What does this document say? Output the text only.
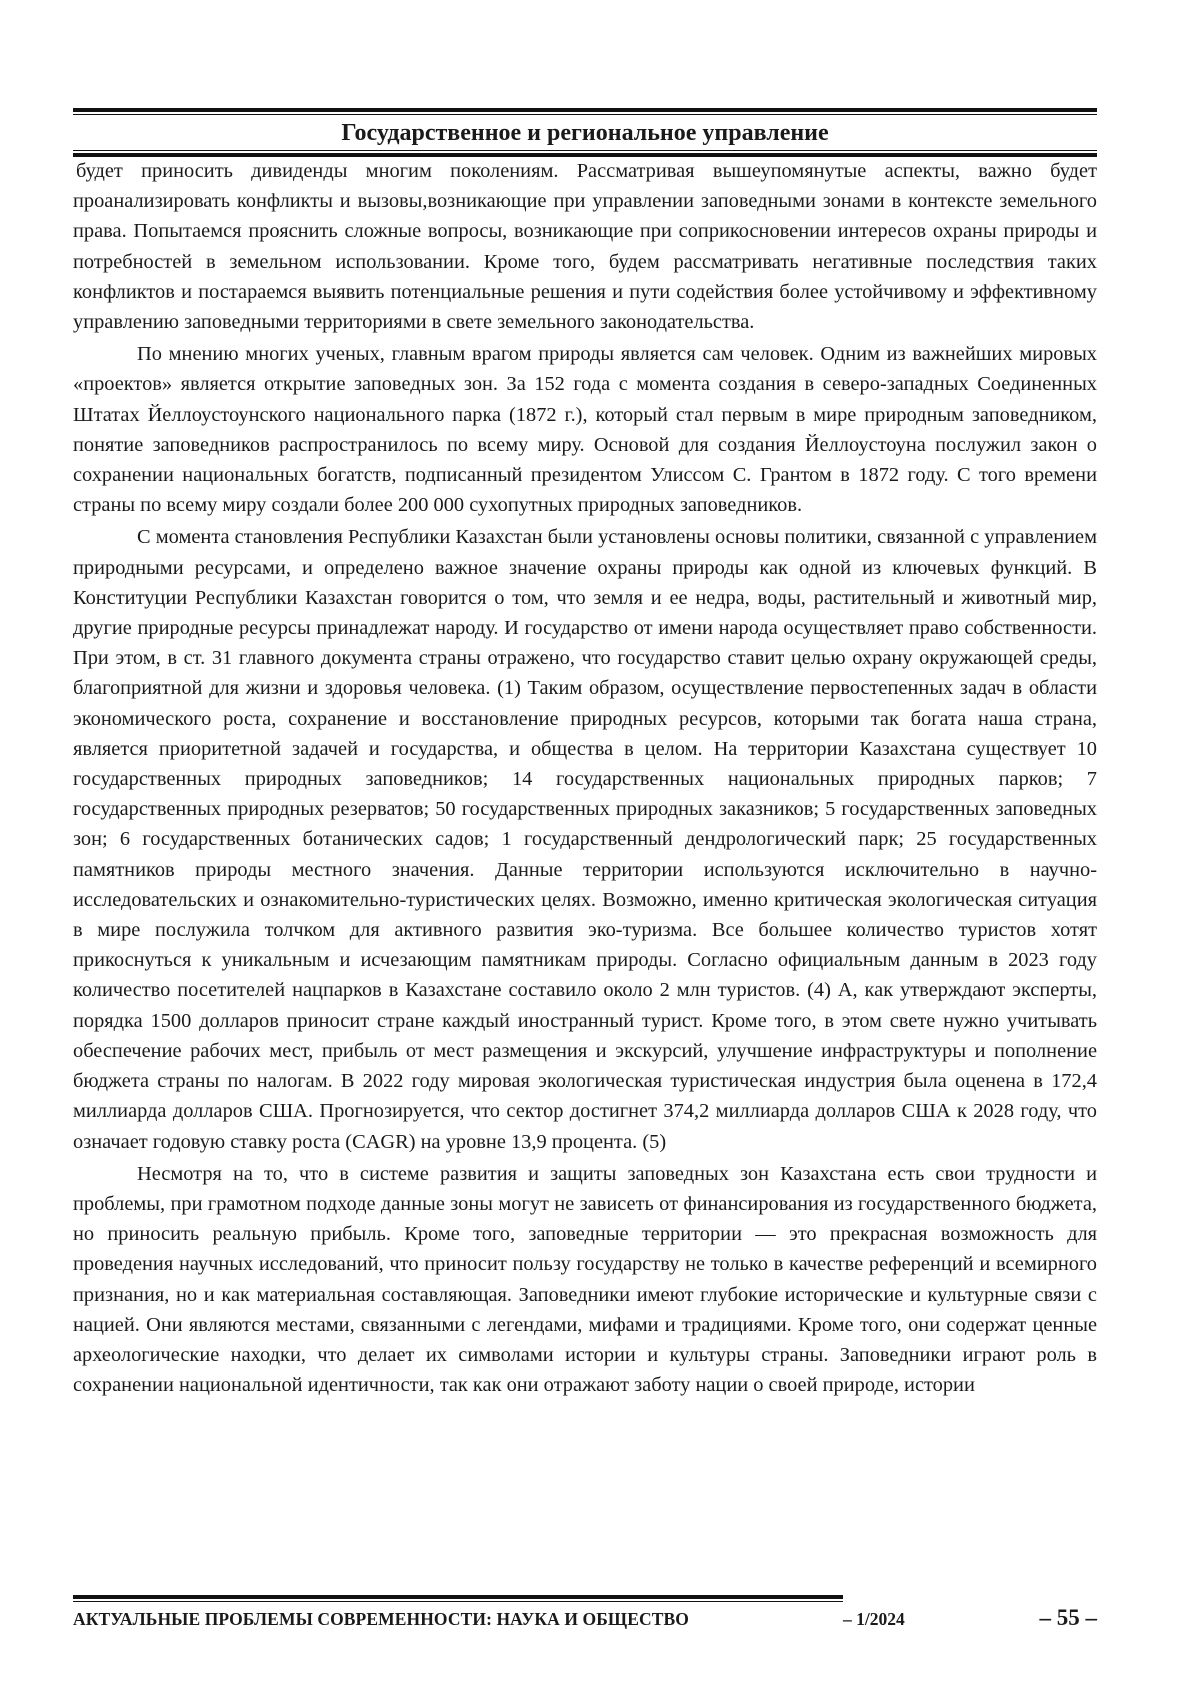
Государственное и региональное управление

будет приносить дивиденды многим поколениям. Рассматривая вышеупомянутые аспекты, важно будет проанализировать конфликты и вызовы,возникающие при управлении заповедными зонами в контексте земельного права. Попытаемся прояснить сложные вопросы, возникающие при соприкосновении интересов охраны природы и потребностей в земельном использовании. Кроме того, будем рассматривать негативные последствия таких конфликтов и постараемся выявить потенциальные решения и пути содействия более устойчивому и эффективному управлению заповедными территориями в свете земельного законодательства.

По мнению многих ученых, главным врагом природы является сам человек. Одним из важнейших мировых «проектов» является открытие заповедных зон. За 152 года с момента создания в северо-западных Соединенных Штатах Йеллоустоунского национального парка (1872 г.), который стал первым в мире природным заповедником, понятие заповедников распространилось по всему миру. Основой для создания Йеллоустоуна послужил закон о сохранении национальных богатств, подписанный президентом Улиссом С. Грантом в 1872 году. С того времени страны по всему миру создали более 200 000 сухопутных природных заповедников.

С момента становления Республики Казахстан были установлены основы политики, связанной с управлением природными ресурсами, и определено важное значение охраны природы как одной из ключевых функций. В Конституции Республики Казахстан говорится о том, что земля и ее недра, воды, растительный и животный мир, другие природные ресурсы принадлежат народу. И государство от имени народа осуществляет право собственности. При этом, в ст. 31 главного документа страны отражено, что государство ставит целью охрану окружающей среды, благоприятной для жизни и здоровья человека. (1) Таким образом, осуществление первостепенных задач в области экономического роста, сохранение и восстановление природных ресурсов, которыми так богата наша страна, является приоритетной задачей и государства, и общества в целом. На территории Казахстана существует 10 государственных природных заповедников; 14 государственных национальных природных парков; 7 государственных природных резерватов; 50 государственных природных заказников; 5 государственных заповедных зон; 6 государственных ботанических садов; 1 государственный дендрологический парк; 25 государственных памятников природы местного значения. Данные территории используются исключительно в научно-исследовательских и ознакомительно-туристических целях. Возможно, именно критическая экологическая ситуация в мире послужила толчком для активного развития эко-туризма. Все большее количество туристов хотят прикоснуться к уникальным и исчезающим памятникам природы. Согласно официальным данным в 2023 году количество посетителей нацпарков в Казахстане составило около 2 млн туристов. (4) А, как утверждают эксперты, порядка 1500 долларов приносит стране каждый иностранный турист. Кроме того, в этом свете нужно учитывать обеспечение рабочих мест, прибыль от мест размещения и экскурсий, улучшение инфраструктуры и пополнение бюджета страны по налогам. В 2022 году мировая экологическая туристическая индустрия была оценена в 172,4 миллиарда долларов США. Прогнозируется, что сектор достигнет 374,2 миллиарда долларов США к 2028 году, что означает годовую ставку роста (CAGR) на уровне 13,9 процента. (5)

Несмотря на то, что в системе развития и защиты заповедных зон Казахстана есть свои трудности и проблемы, при грамотном подходе данные зоны могут не зависеть от финансирования из государственного бюджета, но приносить реальную прибыль. Кроме того, заповедные территории — это прекрасная возможность для проведения научных исследований, что приносит пользу государству не только в качестве референций и всемирного признания, но и как материальная составляющая. Заповедники имеют глубокие исторические и культурные связи с нацией. Они являются местами, связанными с легендами, мифами и традициями. Кроме того, они содержат ценные археологические находки, что делает их символами истории и культуры страны. Заповедники играют роль в сохранении национальной идентичности, так как они отражают заботу нации о своей природе, истории

АКТУАЛЬНЫЕ ПРОБЛЕМЫ СОВРЕМЕННОСТИ: НАУКА И ОБЩЕСТВО	– 1/2024	– 55 –
